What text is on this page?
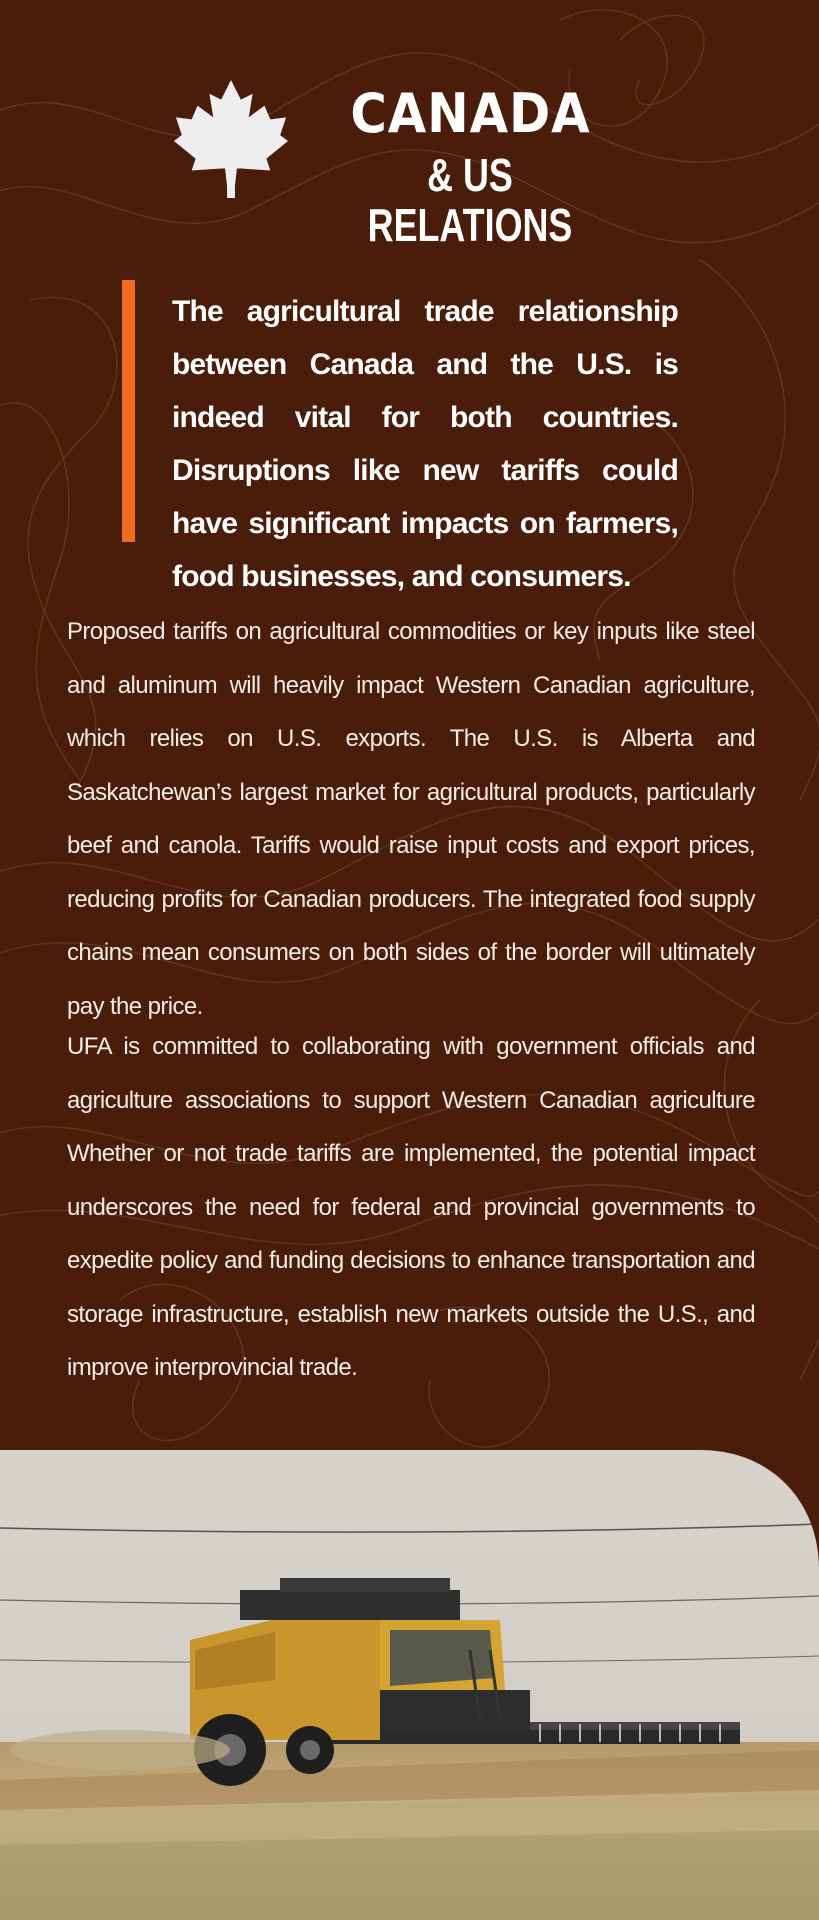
CANADA
& US RELATIONS
The agricultural trade relationship between Canada and the U.S. is indeed vital for both countries. Disruptions like new tariffs could have significant impacts on farmers, food businesses, and consumers.
Proposed tariffs on agricultural commodities or key inputs like steel and aluminum will heavily impact Western Canadian agriculture, which relies on U.S. exports. The U.S. is Alberta and Saskatchewan’s largest market for agricultural products, particularly beef and canola. Tariffs would raise input costs and export prices, reducing profits for Canadian producers. The integrated food supply chains mean consumers on both sides of the border will ultimately pay the price.
UFA is committed to collaborating with government officials and agriculture associations to support Western Canadian agriculture Whether or not trade tariffs are implemented, the potential impact underscores the need for federal and provincial governments to expedite policy and funding decisions to enhance transportation and storage infrastructure, establish new markets outside the U.S., and improve interprovincial trade.
